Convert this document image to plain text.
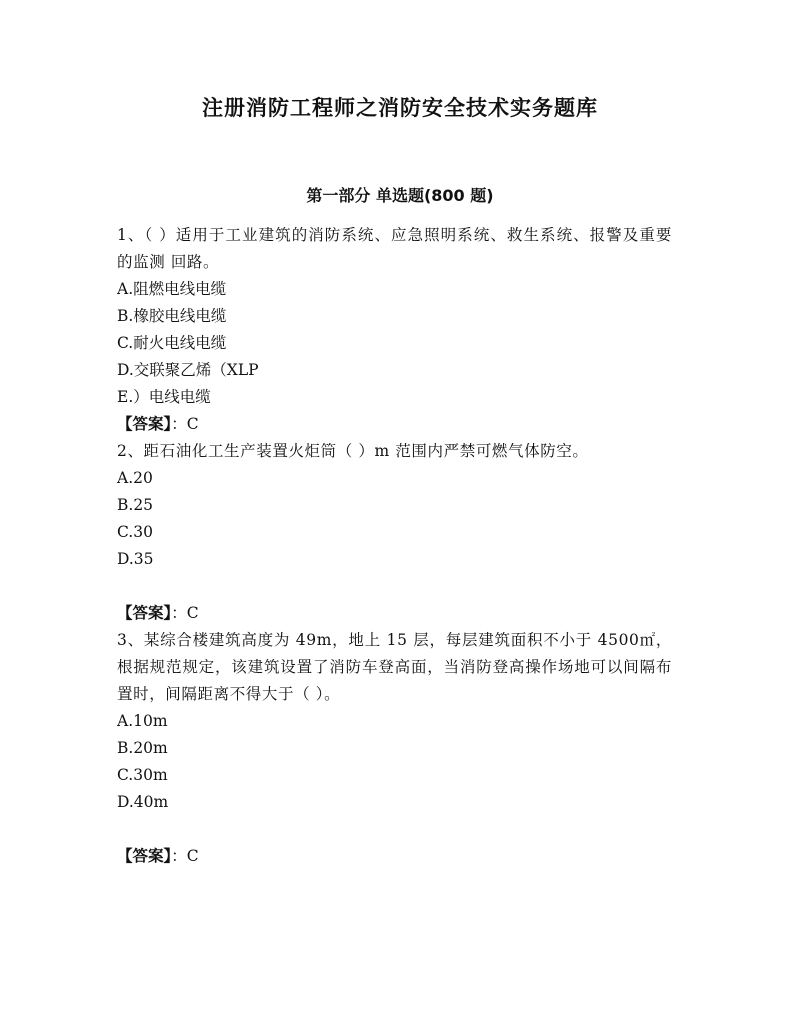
注册消防工程师之消防安全技术实务题库
第一部分 单选题(800 题)

1、（ ）适用于工业建筑的消防系统、应急照明系统、救生系统、报警及重要的监测 回路。

A.阻燃电线电缆

B.橡胶电线电缆

C.耐火电线电缆

D.交联聚乙烯（XLP

E.）电线电缆

【答案】：C

2、距石油化工生产装置火炬筒（ ）m 范围内严禁可燃气体防空。

A.20

B.25

C.30

D.35

【答案】：C

3、某综合楼建筑高度为 49m，地上 15 层，每层建筑面积不小于 4500㎡，根据规范规定，该建筑设置了消防车登高面，当消防登高操作场地可以间隔布置时，间隔距离不得大于（ ）。

A.10m

B.20m

C.30m

D.40m

【答案】：C
